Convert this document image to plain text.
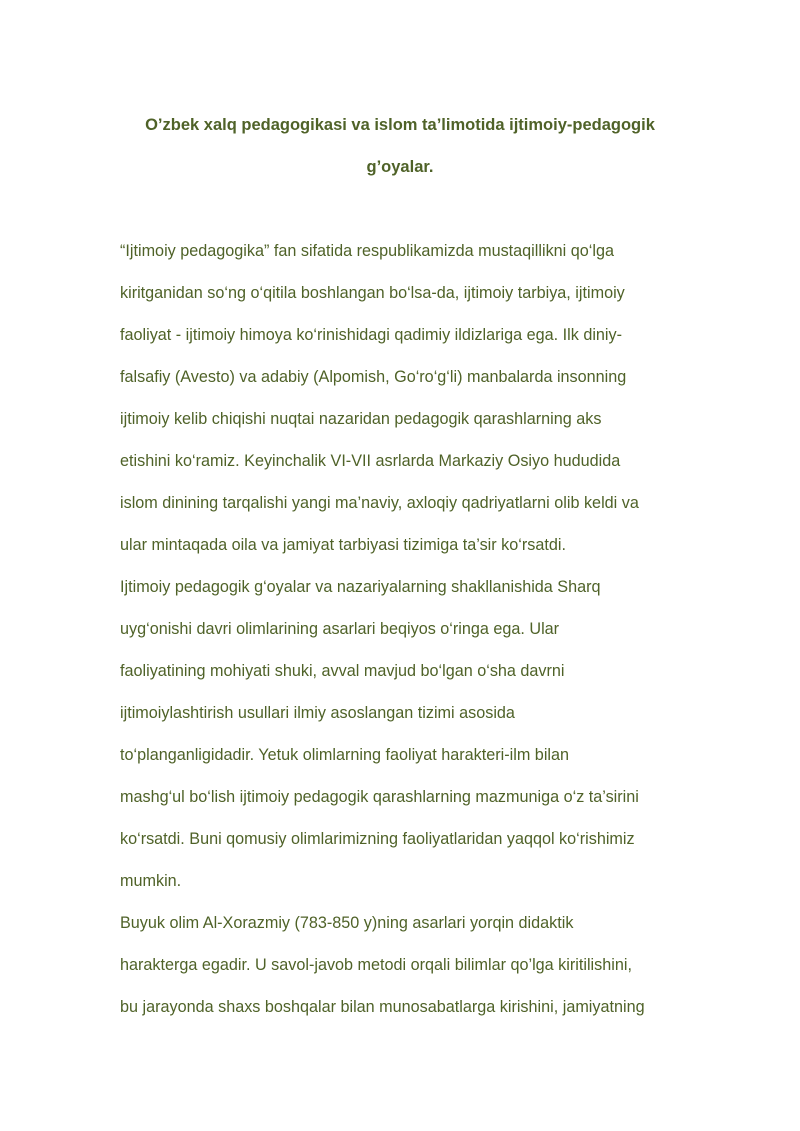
O’zbek xalq pedagogikasi va islom ta’limotida ijtimoiy-pedagogik

g’oyalar.

“Ijtimoiy pedagogika” fan sifatida respublikamizda mustaqillikni qo‘lga
kiritganidan so‘ng o‘qitila boshlangan bo‘lsa-da, ijtimoiy tarbiya, ijtimoiy
faoliyat - ijtimoiy himoya ko‘rinishidagi qadimiy ildizlariga ega. Ilk diniy-
falsafiy (Avesto) va adabiy (Alpomish, Go‘ro‘g‘li) manbalarda insonning
ijtimoiy kelib chiqishi nuqtai nazaridan pedagogik qarashlarning aks
etishini ko‘ramiz. Keyinchalik VI-VII asrlarda Markaziy Osiyo hududida
islom dinining tarqalishi yangi ma’naviy, axloqiy qadriyatlarni olib keldi va
ular mintaqada oila va jamiyat tarbiyasi tizimiga ta’sir ko‘rsatdi.
Ijtimoiy pedagogik g‘oyalar va nazariyalarning shakllanishida Sharq
uyg‘onishi davri olimlarining asarlari beqiyos o‘ringa ega. Ular
faoliyatining mohiyati shuki, avval mavjud bo‘lgan o‘sha davrni
ijtimoiylashtirish usullari ilmiy asoslangan tizimi asosida
to‘planganligidadir. Yetuk olimlarning faoliyat harakteri-ilm bilan
mashg‘ul bo‘lish ijtimoiy pedagogik qarashlarning mazmuniga o‘z ta’sirini
ko‘rsatdi. Buni qomusiy olimlarimizning faoliyatlaridan yaqqol ko‘rishimiz
mumkin.
Buyuk olim Al-Xorazmiy (783-850 y)ning asarlari yorqin didaktik
harakterga egadir. U savol-javob metodi orqali bilimlar qo’lga kiritilishini,
bu jarayonda shaxs boshqalar bilan munosabatlarga kirishini, jamiyatning
